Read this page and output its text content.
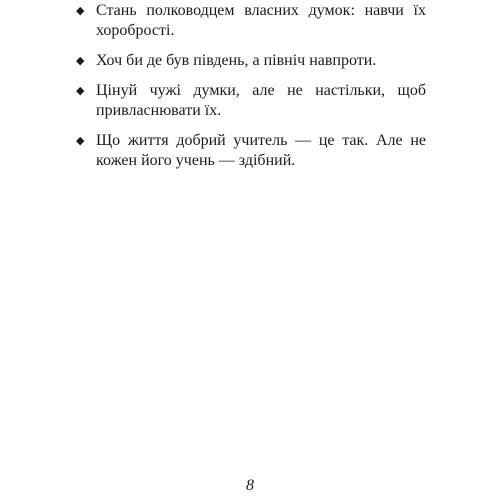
◆ Стань полководцем власних думок: навчи їх хоробрості.
◆ Хоч би де був південь, а північ навпроти.
◆ Цінуй чужі думки, але не настільки, щоб привласнювати їх.
◆ Що життя добрий учитель — це так. Але не кожен його учень — здібний.
8
